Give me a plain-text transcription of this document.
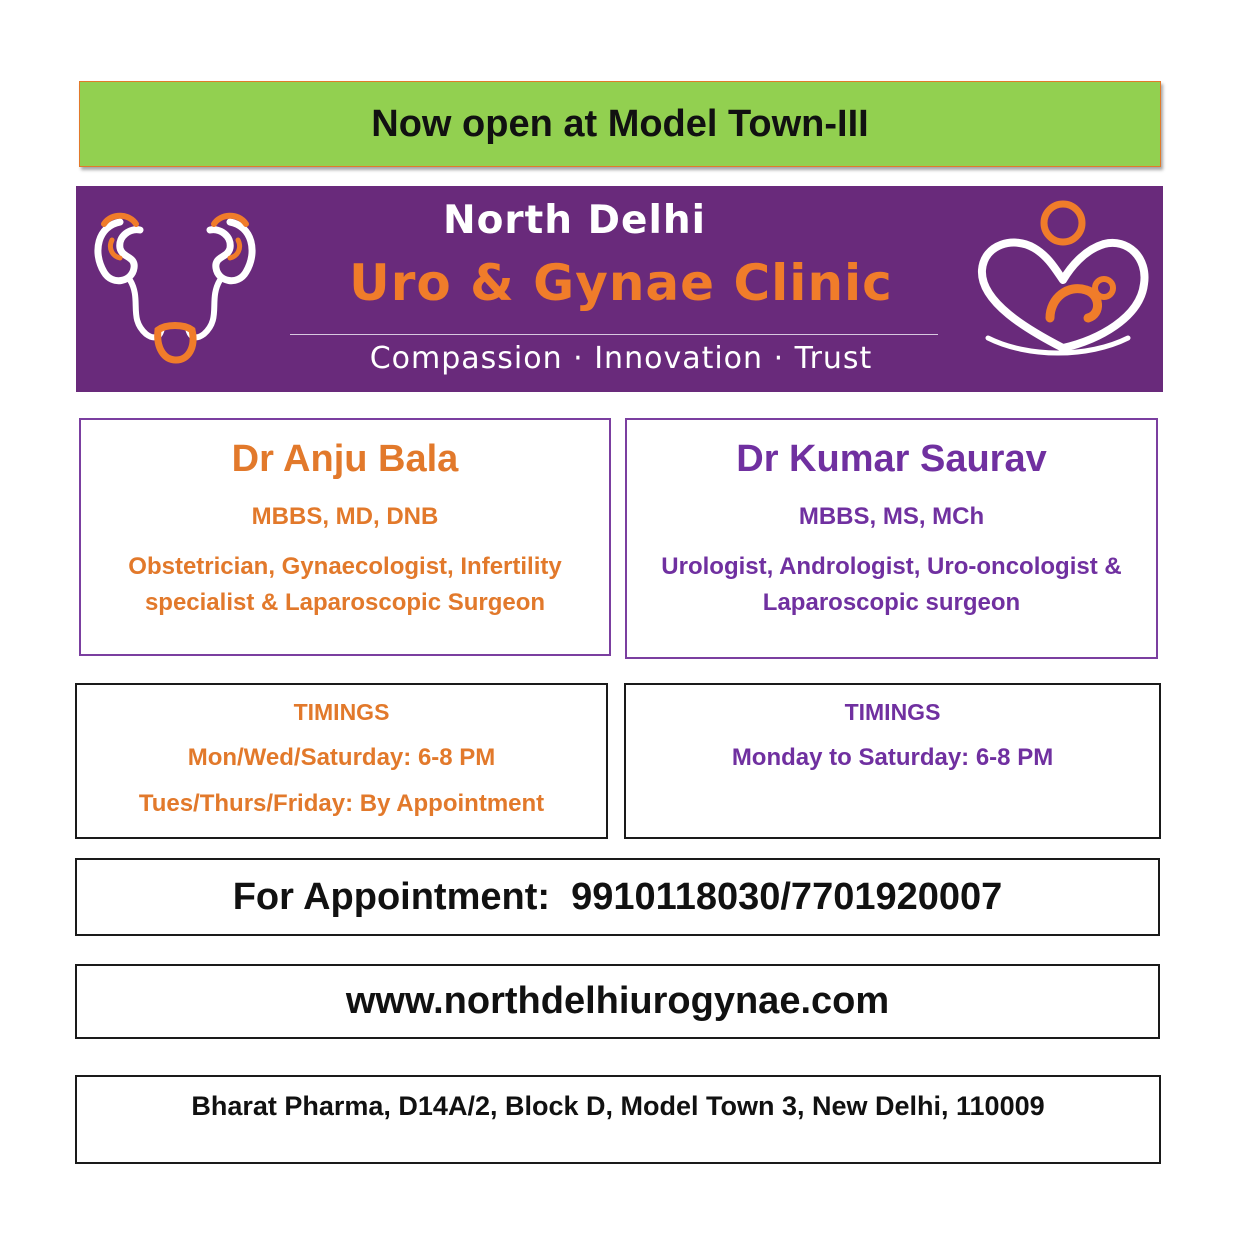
Now open at Model Town-III
North Delhi
Uro & Gynae Clinic
Compassion · Innovation · Trust
Dr Anju Bala
MBBS, MD, DNB
Obstetrician, Gynaecologist, Infertility
specialist & Laparoscopic Surgeon
Dr Kumar Saurav
MBBS, MS, MCh
Urologist, Andrologist, Uro-oncologist &
Laparoscopic surgeon
TIMINGS
Mon/Wed/Saturday: 6-8 PM
Tues/Thurs/Friday: By Appointment
TIMINGS
Monday to Saturday: 6-8 PM
For Appointment:  9910118030/7701920007
www.northdelhiurogynae.com
Bharat Pharma, D14A/2, Block D, Model Town 3, New Delhi, 110009
